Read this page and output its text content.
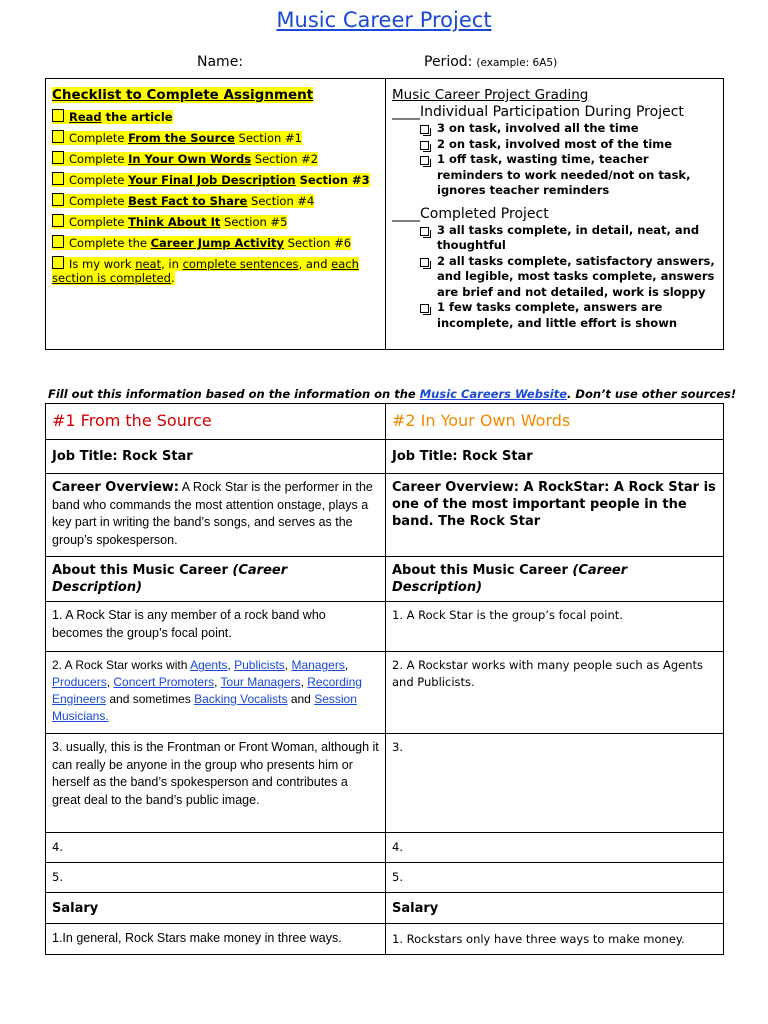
Music Career Project
Name:	Period: (example: 6A5)
Checklist to Complete Assignment
Read the article
Complete From the Source Section #1
Complete In Your Own Words Section #2
Complete Your Final Job Description Section #3
Complete Best Fact to Share Section #4
Complete Think About It Section #5
Complete the Career Jump Activity Section #6
Is my work neat, in complete sentences, and each section is completed.

Music Career Project Grading
____Individual Participation During Project
3 on task, involved all the time
2 on task, involved most of the time
1 off task, wasting time, teacher reminders to work needed/not on task, ignores teacher reminders
____Completed Project
3 all tasks complete, in detail, neat, and thoughtful
2 all tasks complete, satisfactory answers, and legible, most tasks complete, answers are brief and not detailed, work is sloppy
1 few tasks complete, answers are incomplete, and little effort is shown
Fill out this information based on the information on the Music Careers Website. Don’t use other sources!
#1 From the Source	#2 In Your Own Words
Job Title: Rock Star	Job Title: Rock Star
Career Overview: A Rock Star is the performer in the band who commands the most attention onstage, plays a key part in writing the band’s songs, and serves as the group’s spokesperson.	Career Overview: A RockStar: A Rock Star is one of the most important people in the band. The Rock Star
About this Music Career (Career Description)	About this Music Career (Career Description)
1. A Rock Star is any member of a rock band who becomes the group’s focal point.	1. A Rock Star is the group’s focal point.
2. A Rock Star works with Agents, Publicists, Managers, Producers, Concert Promoters, Tour Managers, Recording Engineers and sometimes Backing Vocalists and Session Musicians.	2. A Rockstar works with many people such as Agents and Publicists.
3. usually, this is the Frontman or Front Woman, although it can really be anyone in the group who presents him or herself as the band’s spokesperson and contributes a great deal to the band’s public image.	3.
4.	4.
5.	5.
Salary	Salary
1.In general, Rock Stars make money in three ways.	1. Rockstars only have three ways to make money.
